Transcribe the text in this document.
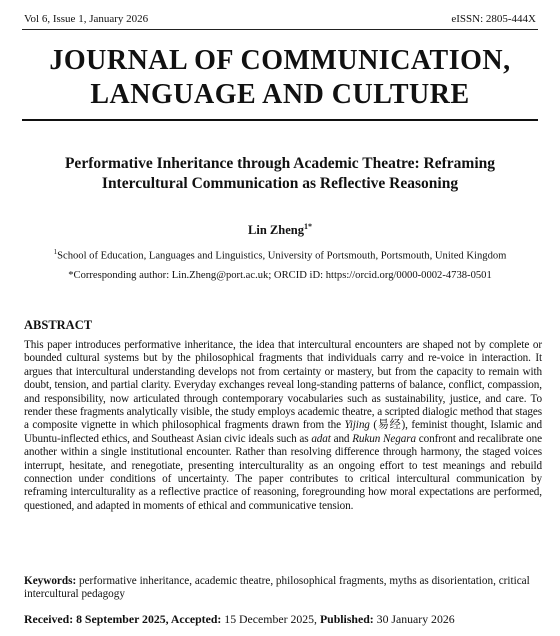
Vol 6, Issue 1, January 2026	eISSN: 2805-444X
JOURNAL OF COMMUNICATION,
LANGUAGE AND CULTURE
Performative Inheritance through Academic Theatre: Reframing
Intercultural Communication as Reflective Reasoning
Lin Zheng$^{1*}$
$^1$School of Education, Languages and Linguistics, University of Portsmouth, Portsmouth, United Kingdom
*Corresponding author: Lin.Zheng@port.ac.uk; ORCID iD: https://orcid.org/0000-0002-4738-0501
ABSTRACT
This paper introduces performative inheritance, the idea that intercultural encounters are shaped not by complete or bounded cultural systems but by the philosophical fragments that individuals carry and re-voice in interaction. It argues that intercultural understanding develops not from certainty or mastery, but from the capacity to remain with doubt, tension, and partial clarity. Everyday exchanges reveal long-standing patterns of balance, conflict, compassion, and responsibility, now articulated through contemporary vocabularies such as sustainability, justice, and care. To render these fragments analytically visible, the study employs academic theatre, a scripted dialogic method that stages a composite vignette in which philosophical fragments drawn from the Yijing (易经), feminist thought, Islamic and Ubuntu-inflected ethics, and Southeast Asian civic ideals such as adat and Rukun Negara confront and recalibrate one another within a single institutional encounter. Rather than resolving difference through harmony, the staged voices interrupt, hesitate, and renegotiate, presenting interculturality as an ongoing effort to test meanings and rebuild connection under conditions of uncertainty. The paper contributes to critical intercultural communication by reframing interculturality as a reflective practice of reasoning, foregrounding how moral expectations are performed, questioned, and adapted in moments of ethical and communicative tension.
Keywords: performative inheritance, academic theatre, philosophical fragments, myths as disorientation, critical intercultural pedagogy
Received: 8 September 2025, Accepted: 15 December 2025, Published: 30 January 2026
